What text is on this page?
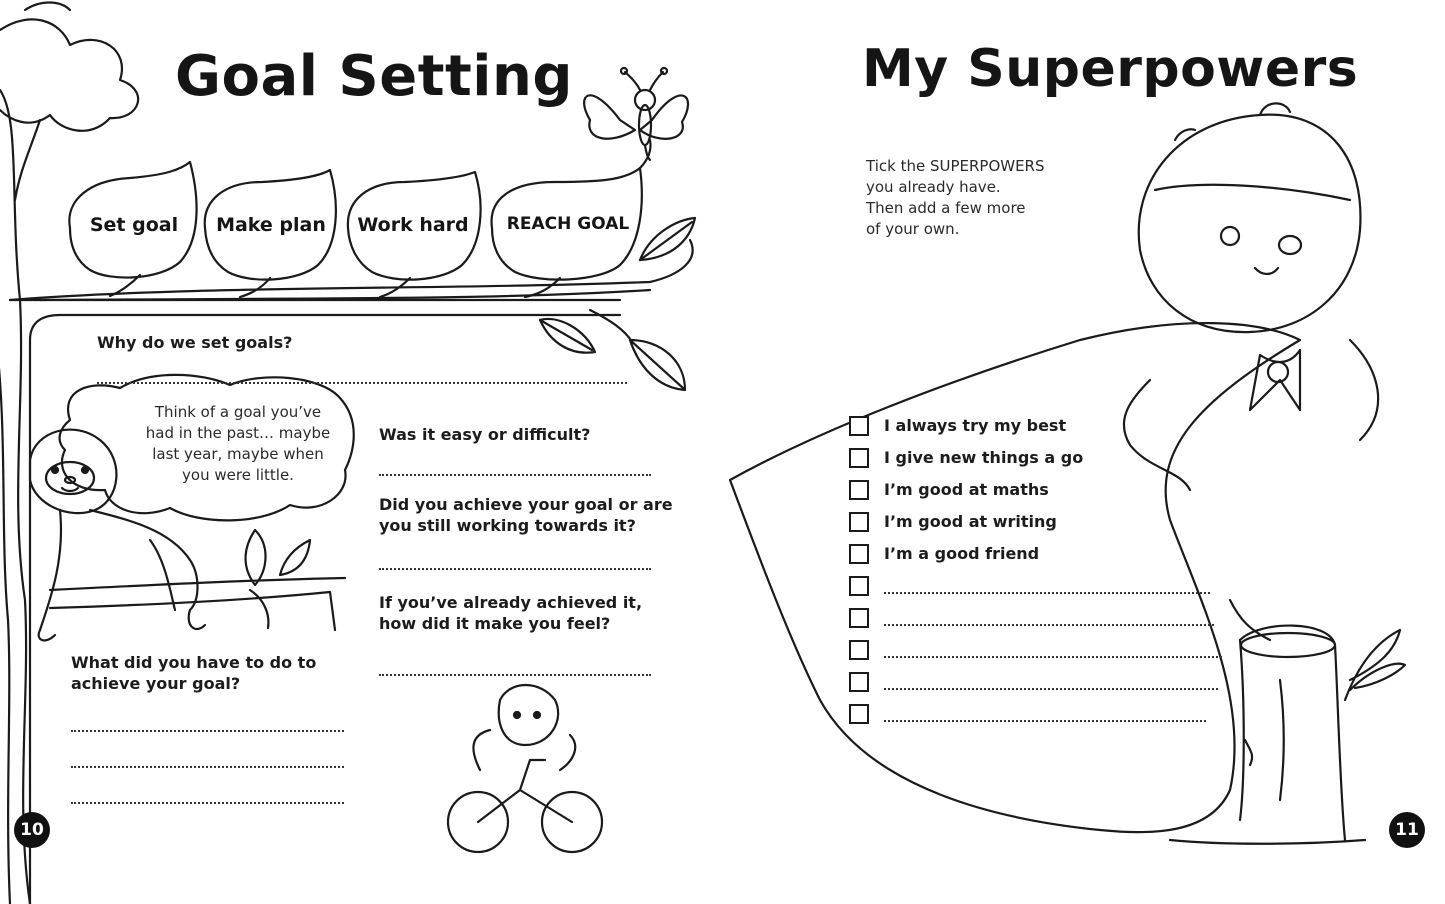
Goal Setting
Set goal	Make plan Work hard	REACH GOAL
Why do we set goals?
Think of a goal you’ve
had in the past… maybe
last year, maybe when
you were little.
Was it easy or difficult?
Did you achieve your goal or are
you still working towards it?
If you’ve already achieved it,
how did it make you feel?
What did you have to do to
achieve your goal?
10
My Superpowers
Tick the SUPERPOWERS
you already have.
Then add a few more
of your own.
I always try my best
I give new things a go
I’m good at maths
I’m good at writing
I’m a good friend
11
